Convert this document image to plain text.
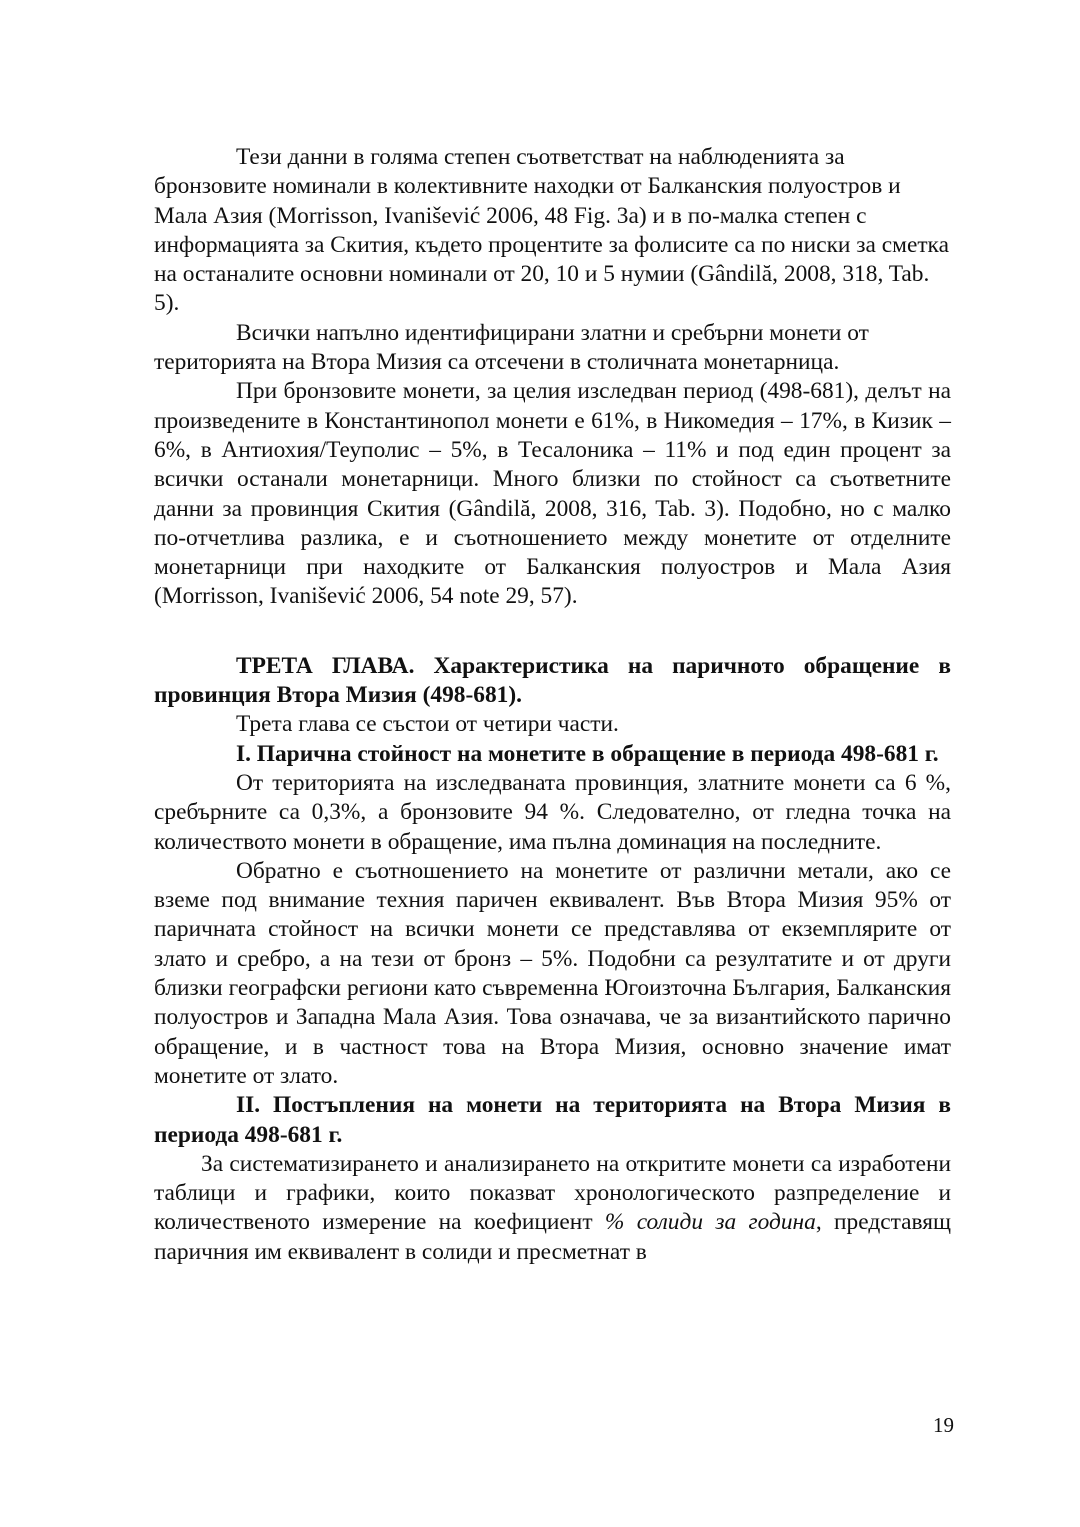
Тези данни в голяма степен съответстват на наблюденията за бронзовите номинали в колективните находки от Балканския полуостров и Мала Азия (Morrisson, Ivanišević 2006, 48 Fig. 3a) и в по-малка степен с информацията за Скития, където процентите за фолисите са по ниски за сметка на останалите основни номинали от 20, 10 и 5 нумии (Gândilă, 2008, 318, Tab. 5).

Всички напълно идентифицирани златни и сребърни монети от територията на Втора Мизия са отсечени в столичната монетарница.

При бронзовите монети, за целия изследван период (498-681), делът на произведените в Константинопол монети е 61%, в Никомедия – 17%, в Кизик – 6%, в Антиохия/Теуполис – 5%, в Тесалоника – 11% и под един процент за всички останали монетарници. Много близки по стойност са съответните данни за провинция Скития (Gândilă, 2008, 316, Tab. 3). Подобно, но с малко по-отчетлива разлика, е и съотношението между монетите от отделните монетарници при находките от Балканския полуостров и Мала Азия (Morrisson, Ivanišević 2006, 54 note 29, 57).

ТРЕТА ГЛАВА. Характеристика на паричното обращение в провинция Втора Мизия (498-681).

Трета глава се състои от четири части.

I. Парична стойност на монетите в обращение в периода 498-681 г.

От територията на изследваната провинция, златните монети са 6 %, сребърните са 0,3%, а бронзовите 94 %. Следователно, от гледна точка на количеството монети в обращение, има пълна доминация на последните.

Обратно е съотношението на монетите от различни метали, ако се вземе под внимание техния паричен еквивалент. Във Втора Мизия 95% от паричната стойност на всички монети се представлява от екземплярите от злато и сребро, а на тези от бронз – 5%. Подобни са резултатите и от други близки географски региони като съвременна Югоизточна България, Балканския полуостров и Западна Мала Азия. Това означава, че за византийското парично обращение, и в частност това на Втора Мизия, основно значение имат монетите от злато.

II. Постъпления на монети на територията на Втора Мизия в периода 498-681 г.

За систематизирането и анализирането на откритите монети са изработени таблици и графики, които показват хронологическото разпределение и количественото измерение на коефициент % солиди за година, представящ паричния им еквивалент в солиди и пресметнат в

19
